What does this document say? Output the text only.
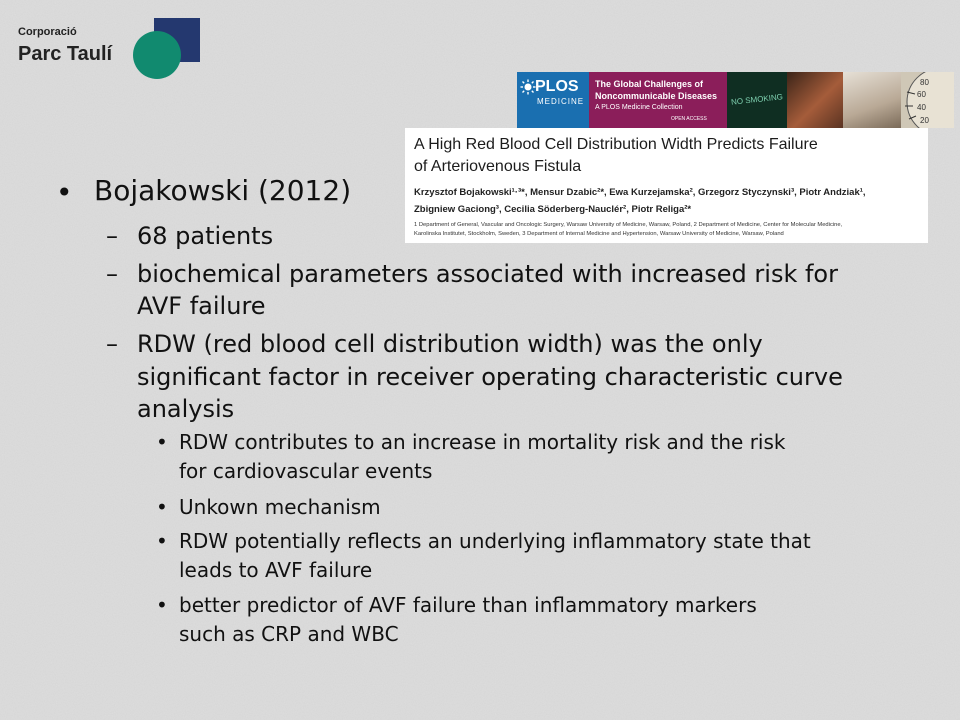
Corporació
Parc Taulí
PLOS
MEDICINE
The Global Challenges of
Noncommunicable Diseases
A PLOS Medicine Collection
OPEN ACCESS
NO SMOKING
80
60
40
20
A High Red Blood Cell Distribution Width Predicts Failure
of Arteriovenous Fistula
Krzysztof Bojakowski¹·³*, Mensur Dzabic²*, Ewa Kurzejamska², Grzegorz Styczynski³, Piotr Andziak¹,
Zbigniew Gaciong³, Cecilia Söderberg-Nauclér², Piotr Religa²*
1 Department of General, Vascular and Oncologic Surgery, Warsaw University of Medicine, Warsaw, Poland, 2 Department of Medicine, Center for Molecular Medicine,
Karolinska Institutet, Stockholm, Sweden, 3 Department of Internal Medicine and Hypertension, Warsaw University of Medicine, Warsaw, Poland
• Bojakowski (2012)
– 68 patients
– biochemical parameters associated with increased risk for
AVF failure
– RDW (red blood cell distribution width) was the only
significant factor in receiver operating characteristic curve
analysis
• RDW contributes to an increase in mortality risk and the risk
for cardiovascular events
• Unkown mechanism
• RDW potentially reflects an underlying inflammatory state that
leads to AVF failure
• better predictor of AVF failure than inflammatory markers
such as CRP and WBC
